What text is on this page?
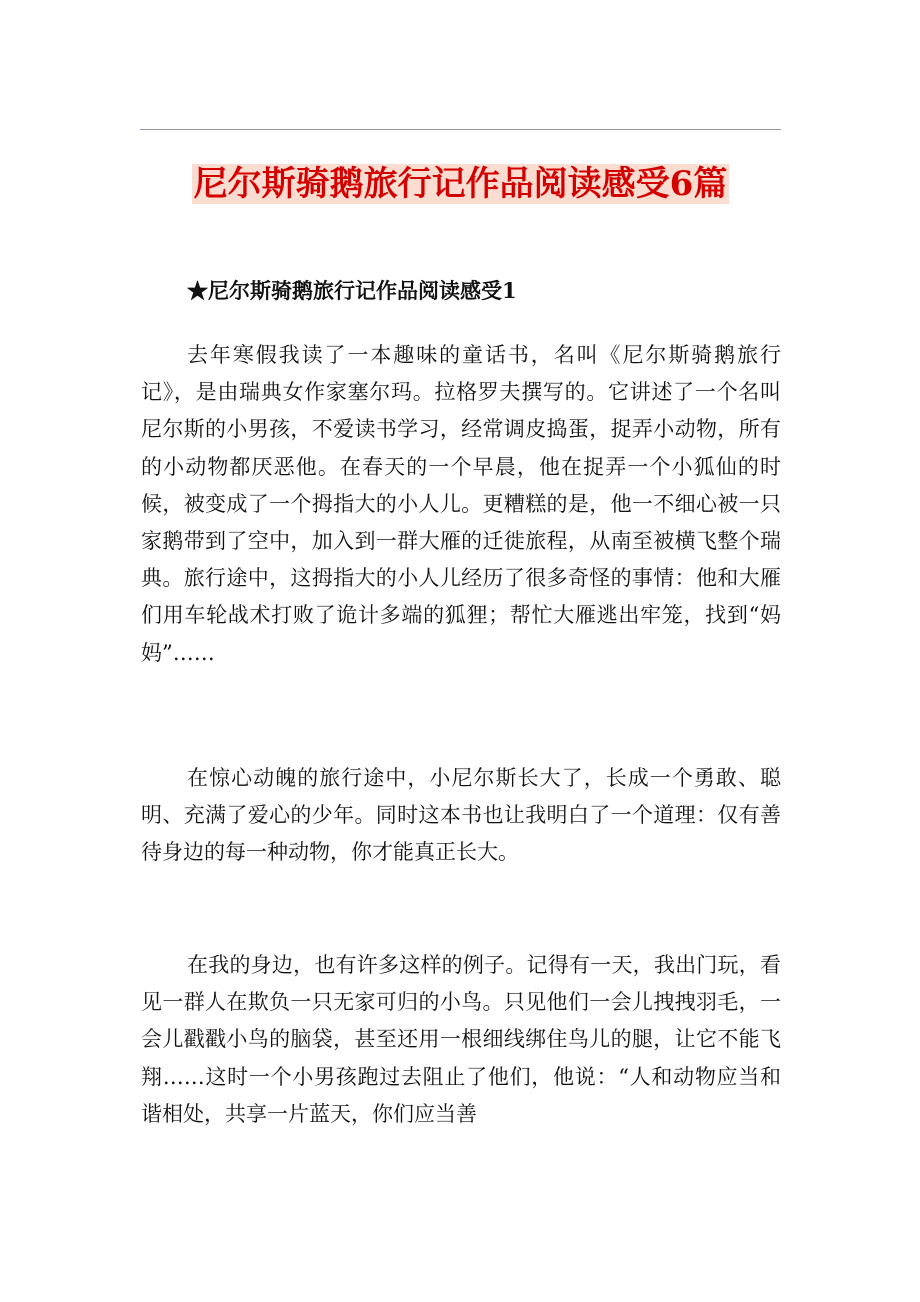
尼尔斯骑鹅旅行记作品阅读感受6篇
★尼尔斯骑鹅旅行记作品阅读感受1

去年寒假我读了一本趣味的童话书，名叫《尼尔斯骑鹅旅行记》，是由瑞典女作家塞尔玛。拉格罗夫撰写的。它讲述了一个名叫尼尔斯的小男孩，不爱读书学习，经常调皮捣蛋，捉弄小动物，所有的小动物都厌恶他。在春天的一个早晨，他在捉弄一个小狐仙的时候，被变成了一个拇指大的小人儿。更糟糕的是，他一不细心被一只家鹅带到了空中，加入到一群大雁的迁徙旅程，从南至被横飞整个瑞典。旅行途中，这拇指大的小人儿经历了很多奇怪的事情：他和大雁们用车轮战术打败了诡计多端的狐狸；帮忙大雁逃出牢笼，找到“妈妈”……

在惊心动魄的旅行途中，小尼尔斯长大了，长成一个勇敢、聪明、充满了爱心的少年。同时这本书也让我明白了一个道理：仅有善待身边的每一种动物，你才能真正长大。

在我的身边，也有许多这样的例子。记得有一天，我出门玩，看见一群人在欺负一只无家可归的小鸟。只见他们一会儿拽拽羽毛，一会儿戳戳小鸟的脑袋，甚至还用一根细线绑住鸟儿的腿，让它不能飞翔……这时一个小男孩跑过去阻止了他们，他说：“人和动物应当和谐相处，共享一片蓝天，你们应当善
